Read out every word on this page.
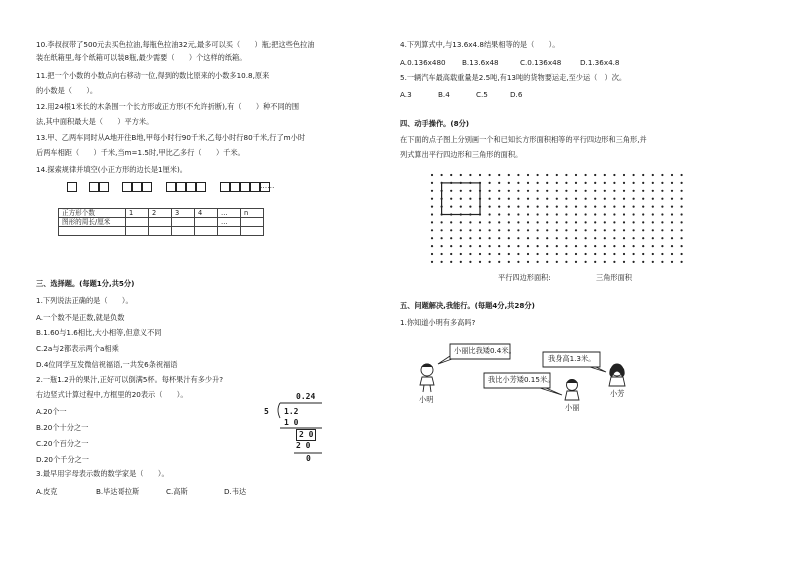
10.李叔叔带了500元去买色拉油,每瓶色拉油32元,最多可以买（　　）瓶;把这些色拉油
装在纸箱里,每个纸箱可以装8瓶,最少需要（　　）个这样的纸箱。
11.把一个小数的小数点向右移动一位,得到的数比原来的小数多10.8,原来
的小数是（　　）。
12.用24根1米长的木条围一个长方形或正方形(不允许折断),有（　　）种不同的围
法,其中面积最大是（　　）平方米。
13.甲、乙两车同时从A地开往B地,甲每小时行90千米,乙每小时行80千米,行了m小时
后两车相距（　　）千米,当m=1.5时,甲比乙多行（　　）千米。
14.探索规律并填空(小正方形的边长是1厘米)。
……
正方形个数	1	2	3	4	…	n
图形的周长/厘米					…	

三、选择题。(每题1分,共5分)
1.下列说法正确的是（　　）。
A.一个数不是正数,就是负数
B.1.60与1.6相比,大小相等,但意义不同
C.2a与2都表示两个a相乘
D.4位同学互发微信祝福语,一共发6条祝福语
2.一瓶1.2升的果汁,正好可以倒满5杯。每杯果汁有多少升?
右边竖式计算过程中,方框里的20表示（　　）。
A.20个一
B.20个十分之一
C.20个百分之一
D.20个千分之一
3.最早用字母表示数的数学家是（　　）。
A.皮克	B.毕达哥拉斯	C.高斯	D.韦达
0.24
5 1.2
1 0
2 0
2 0
0
4.下列算式中,与13.6x4.8结果相等的是（　　）。
A.0.136x480 B.13.6x48	C.0.136x48	D.1.36x4.8
5.一辆汽车最高载重量是2.5吨,有13吨的货物要运走,至少运（　）次。
A.3	B.4	C.5	D.6
四、动手操作。(8分)
在下面的点子图上分别画一个和已知长方形面积相等的平行四边形和三角形,并
列式算出平行四边形和三角形的面积。
平行四边形面积:	三角形面积
五、问题解决,我能行。(每题4分,共28分)
1.你知道小明有多高吗?
小丽比我矮0.4米。
我身高1.3米。
我比小芳矮0.15米。
小明
小丽
小芳
